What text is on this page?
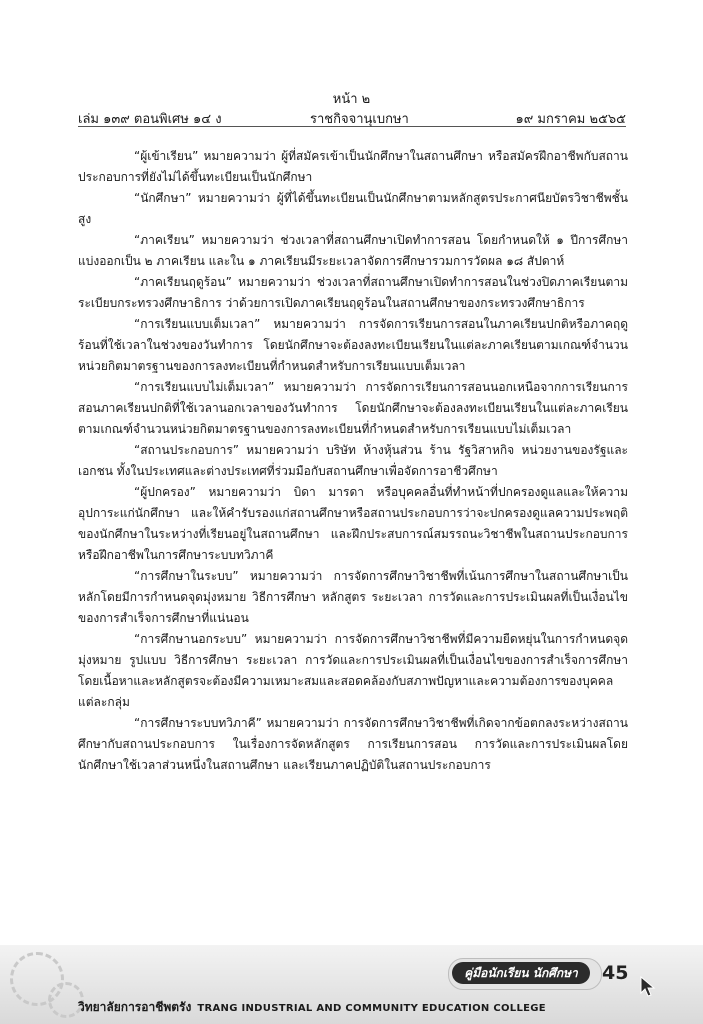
หน้า ๒
เล่ม ๑๓๙ ตอนพิเศษ ๑๔ ง	ราชกิจจานุเบกษา	๑๙ มกราคม ๒๕๖๕

“ผู้เข้าเรียน” หมายความว่า ผู้ที่สมัครเข้าเป็นนักศึกษาในสถานศึกษา หรือสมัครฝึกอาชีพกับสถานประกอบการที่ยังไม่ได้ขึ้นทะเบียนเป็นนักศึกษา

“นักศึกษา” หมายความว่า ผู้ที่ได้ขึ้นทะเบียนเป็นนักศึกษาตามหลักสูตรประกาศนียบัตรวิชาชีพชั้นสูง

“ภาคเรียน” หมายความว่า ช่วงเวลาที่สถานศึกษาเปิดทำการสอน โดยกำหนดให้ ๑ ปีการศึกษาแบ่งออกเป็น ๒ ภาคเรียน และใน ๑ ภาคเรียนมีระยะเวลาจัดการศึกษารวมการวัดผล ๑๘ สัปดาห์

“ภาคเรียนฤดูร้อน” หมายความว่า ช่วงเวลาที่สถานศึกษาเปิดทำการสอนในช่วงปิดภาคเรียนตามระเบียบกระทรวงศึกษาธิการ ว่าด้วยการเปิดภาคเรียนฤดูร้อนในสถานศึกษาของกระทรวงศึกษาธิการ

“การเรียนแบบเต็มเวลา” หมายความว่า การจัดการเรียนการสอนในภาคเรียนปกติหรือภาคฤดูร้อนที่ใช้เวลาในช่วงของวันทำการ โดยนักศึกษาจะต้องลงทะเบียนเรียนในแต่ละภาคเรียนตามเกณฑ์จำนวนหน่วยกิตมาตรฐานของการลงทะเบียนที่กำหนดสำหรับการเรียนแบบเต็มเวลา

“การเรียนแบบไม่เต็มเวลา” หมายความว่า การจัดการเรียนการสอนนอกเหนือจากการเรียนการสอนภาคเรียนปกติที่ใช้เวลานอกเวลาของวันทำการ โดยนักศึกษาจะต้องลงทะเบียนเรียนในแต่ละภาคเรียนตามเกณฑ์จำนวนหน่วยกิตมาตรฐานของการลงทะเบียนที่กำหนดสำหรับการเรียนแบบไม่เต็มเวลา

“สถานประกอบการ” หมายความว่า บริษัท ห้างหุ้นส่วน ร้าน รัฐวิสาหกิจ หน่วยงานของรัฐและเอกชน ทั้งในประเทศและต่างประเทศที่ร่วมมือกับสถานศึกษาเพื่อจัดการอาชีวศึกษา

“ผู้ปกครอง” หมายความว่า บิดา มารดา หรือบุคคลอื่นที่ทำหน้าที่ปกครองดูแลและให้ความอุปการะแก่นักศึกษา และให้คำรับรองแก่สถานศึกษาหรือสถานประกอบการว่าจะปกครองดูแลความประพฤติของนักศึกษาในระหว่างที่เรียนอยู่ในสถานศึกษา และฝึกประสบการณ์สมรรถนะวิชาชีพในสถานประกอบการหรือฝึกอาชีพในการศึกษาระบบทวิภาคี

“การศึกษาในระบบ” หมายความว่า การจัดการศึกษาวิชาชีพที่เน้นการศึกษาในสถานศึกษาเป็นหลักโดยมีการกำหนดจุดมุ่งหมาย วิธีการศึกษา หลักสูตร ระยะเวลา การวัดและการประเมินผลที่เป็นเงื่อนไขของการสำเร็จการศึกษาที่แน่นอน

“การศึกษานอกระบบ” หมายความว่า การจัดการศึกษาวิชาชีพที่มีความยืดหยุ่นในการกำหนดจุดมุ่งหมาย รูปแบบ วิธีการศึกษา ระยะเวลา การวัดและการประเมินผลที่เป็นเงื่อนไขของการสำเร็จการศึกษา โดยเนื้อหาและหลักสูตรจะต้องมีความเหมาะสมและสอดคล้องกับสภาพปัญหาและความต้องการของบุคคลแต่ละกลุ่ม

“การศึกษาระบบทวิภาคี” หมายความว่า การจัดการศึกษาวิชาชีพที่เกิดจากข้อตกลงระหว่างสถานศึกษากับสถานประกอบการ ในเรื่องการจัดหลักสูตร การเรียนการสอน การวัดและการประเมินผลโดยนักศึกษาใช้เวลาส่วนหนึ่งในสถานศึกษา และเรียนภาคปฏิบัติในสถานประกอบการ

คู่มือนักเรียน นักศึกษา	45
วิทยาลัยการอาชีพตรัง TRANG INDUSTRIAL AND COMMUNITY EDUCATION COLLEGE
